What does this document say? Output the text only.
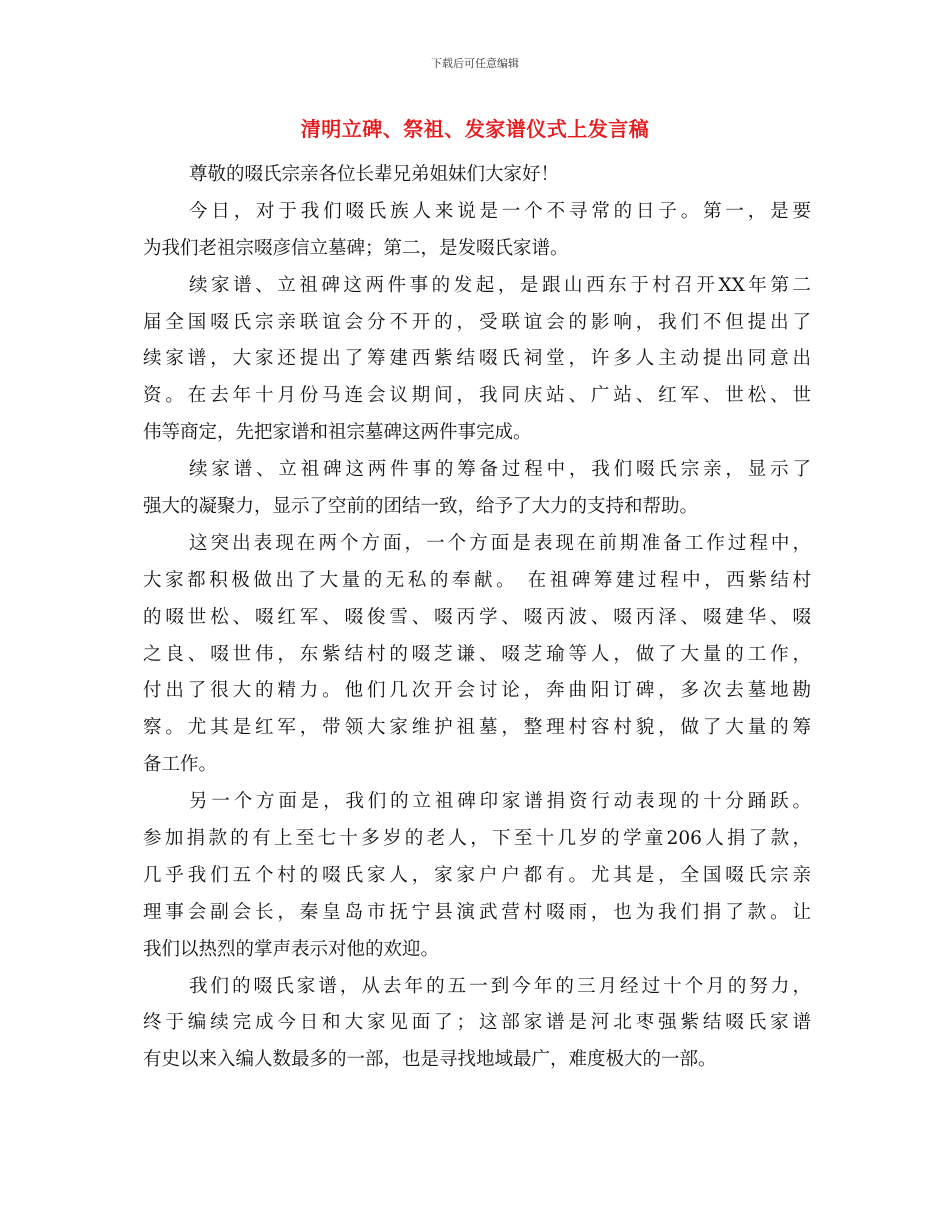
下载后可任意编辑
清明立碑、祭祖、发家谱仪式上发言稿
尊敬的啜氏宗亲各位长辈兄弟姐妹们大家好！
今日，对于我们啜氏族人来说是一个不寻常的日子。第一，是要
为我们老祖宗啜彦信立墓碑；第二，是发啜氏家谱。
续家谱、立祖碑这两件事的发起，是跟山西东于村召开XX年第二
届全国啜氏宗亲联谊会分不开的，受联谊会的影响，我们不但提出了
续家谱，大家还提出了筹建西紫结啜氏祠堂，许多人主动提出同意出
资。在去年十月份马连会议期间，我同庆站、广站、红军、世松、世
伟等商定，先把家谱和祖宗墓碑这两件事完成。
续家谱、立祖碑这两件事的筹备过程中，我们啜氏宗亲，显示了
强大的凝聚力，显示了空前的团结一致，给予了大力的支持和帮助。
这突出表现在两个方面，一个方面是表现在前期准备工作过程中，
大家都积极做出了大量的无私的奉献。 在祖碑筹建过程中，西紫结村
的啜世松、啜红军、啜俊雪、啜丙学、啜丙波、啜丙泽、啜建华、啜
之良、啜世伟，东紫结村的啜芝谦、啜芝瑜等人，做了大量的工作，
付出了很大的精力。他们几次开会讨论，奔曲阳订碑，多次去墓地勘
察。尤其是红军，带领大家维护祖墓，整理村容村貌，做了大量的筹
备工作。
另一个方面是，我们的立祖碑印家谱捐资行动表现的十分踊跃。
参加捐款的有上至七十多岁的老人，下至十几岁的学童206人捐了款，
几乎我们五个村的啜氏家人，家家户户都有。尤其是，全国啜氏宗亲
理事会副会长，秦皇岛市抚宁县演武营村啜雨，也为我们捐了款。让
我们以热烈的掌声表示对他的欢迎。
我们的啜氏家谱，从去年的五一到今年的三月经过十个月的努力，
终于编续完成今日和大家见面了；这部家谱是河北枣强紫结啜氏家谱
有史以来入编人数最多的一部，也是寻找地域最广，难度极大的一部。
